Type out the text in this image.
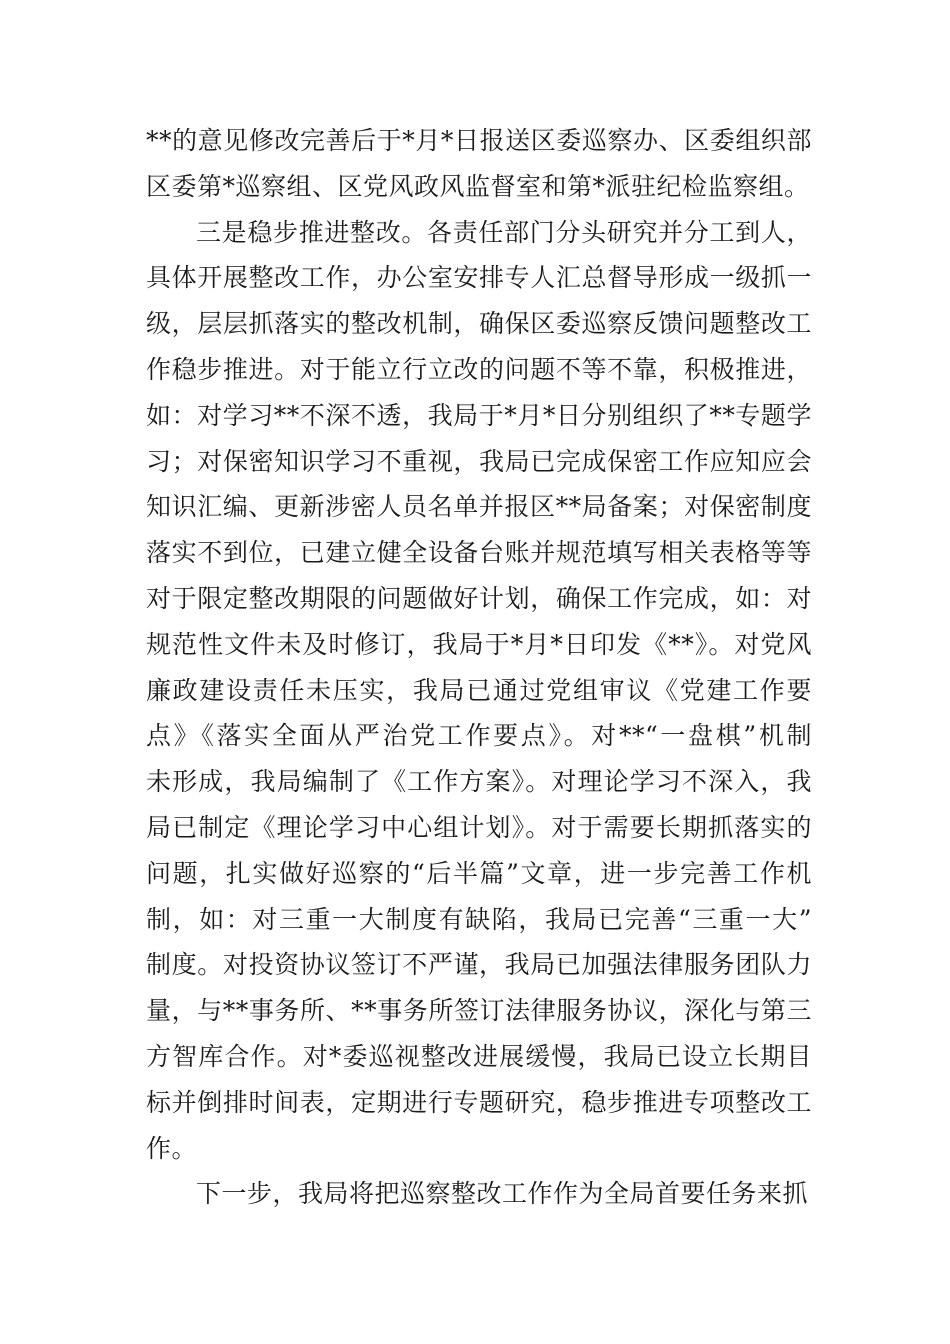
**的意见修改完善后于*月*日报送区委巡察办、区委组织部
区委第*巡察组、区党风政风监督室和第*派驻纪检监察组。
三是稳步推进整改。各责任部门分头研究并分工到人，
具体开展整改工作，办公室安排专人汇总督导形成一级抓一
级，层层抓落实的整改机制，确保区委巡察反馈问题整改工
作稳步推进。对于能立行立改的问题不等不靠，积极推进，
如：对学习**不深不透，我局于*月*日分别组织了**专题学
习；对保密知识学习不重视，我局已完成保密工作应知应会
知识汇编、更新涉密人员名单并报区**局备案；对保密制度
落实不到位，已建立健全设备台账并规范填写相关表格等等
对于限定整改期限的问题做好计划，确保工作完成，如：对
规范性文件未及时修订，我局于*月*日印发《**》。对党风
廉政建设责任未压实，我局已通过党组审议《党建工作要
点》《落实全面从严治党工作要点》。对**“一盘棋”机制
未形成，我局编制了《工作方案》。对理论学习不深入，我
局已制定《理论学习中心组计划》。对于需要长期抓落实的
问题，扎实做好巡察的“后半篇”文章，进一步完善工作机
制，如：对三重一大制度有缺陷，我局已完善“三重一大”
制度。对投资协议签订不严谨，我局已加强法律服务团队力
量，与**事务所、**事务所签订法律服务协议，深化与第三
方智库合作。对*委巡视整改进展缓慢，我局已设立长期目
标并倒排时间表，定期进行专题研究，稳步推进专项整改工
作。
下一步，我局将把巡察整改工作作为全局首要任务来抓
